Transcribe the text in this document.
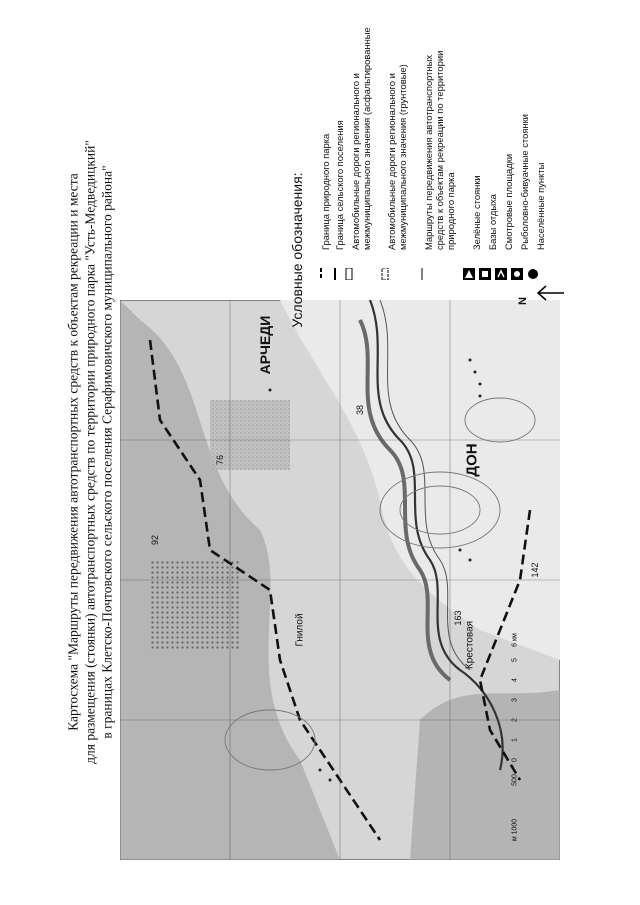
Картосхема "Маршруты передвижения автотранспортных средств к объектам рекреации и места для размещения (стоянки) автотранспортных средств по территории природного парка "Усть-Медведицкий" в границах Клетско-Почтовского сельского поселения Серафимовичского муниципального района"	АРЧЕДИ
ДОН
Гнилой	Крестовая
163
142
92
76
38
м 1000
500
0
1
2
3
4
5
6 км
Условные обозначения: Граница природного парка Граница сельского поселения Автомобильные дороги регионального и межмуниципального значения (асфальтированные Автомобильные дороги регионального и межмуниципального значения (грунтовые) Маршруты передвижения автотранспортных средств к объектам рекреации по территории природного парка Зелёные стоянки Базы отдыха Смотровые площадки Рыболовно-бивуачные стоянки Населённые пункты
N
